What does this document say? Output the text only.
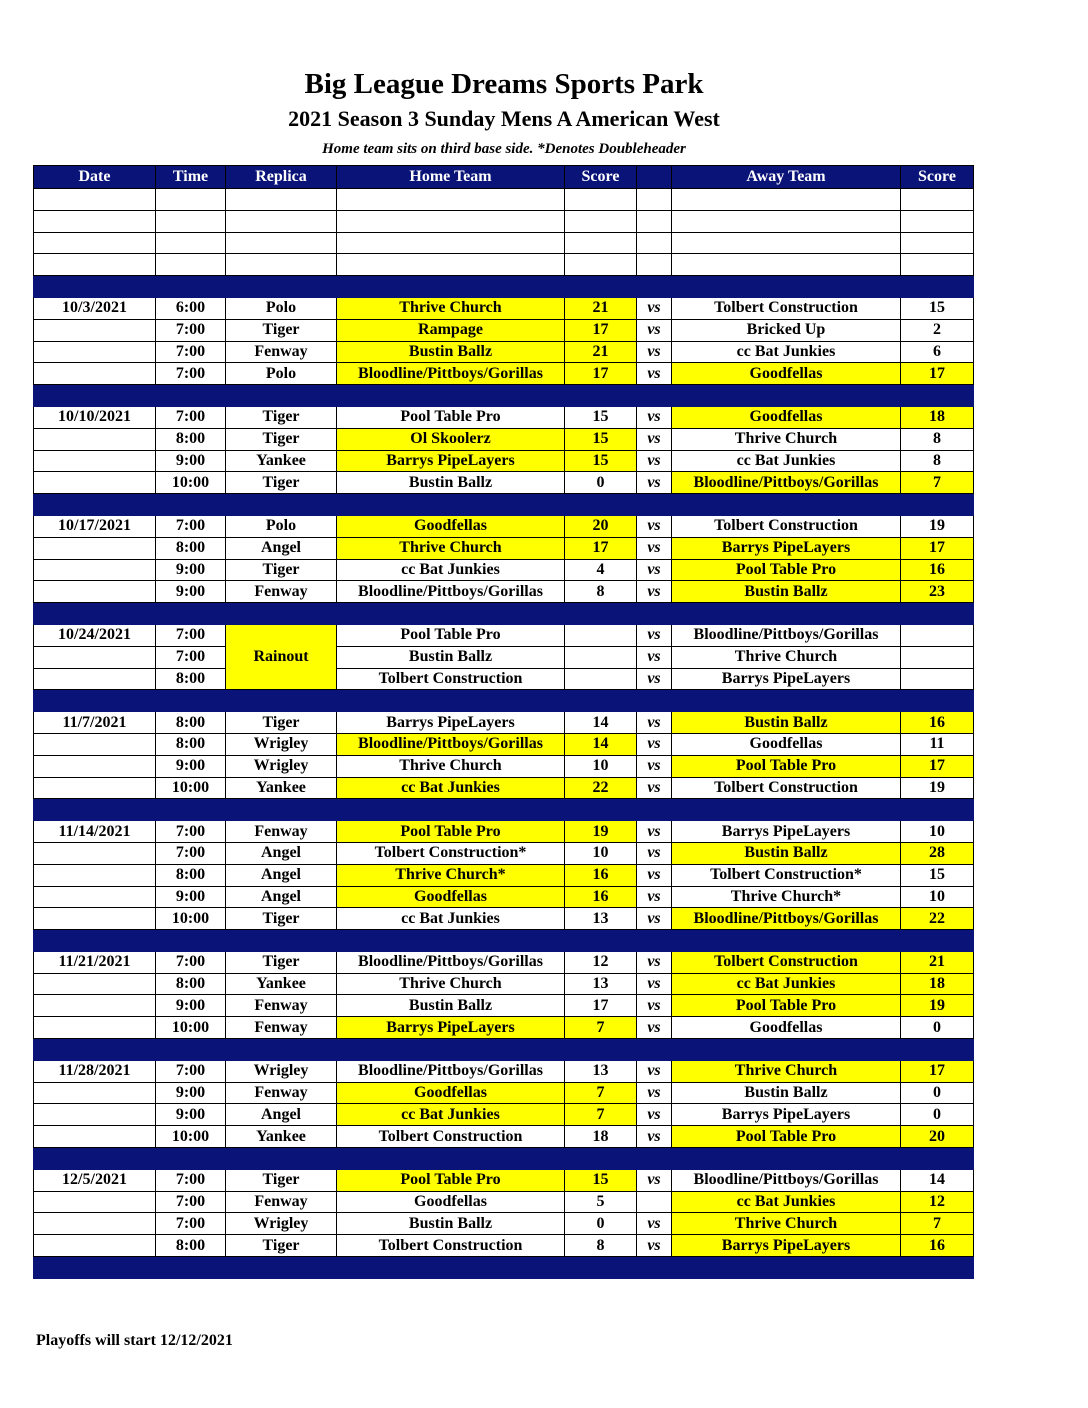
Big League Dreams Sports Park
2021 Season 3 Sunday Mens A American West
Home team sits on third base side. *Denotes Doubleheader
Date	Time	Replica	Home Team	Score		Away Team	Score

10/3/2021	6:00	Polo	Thrive Church	21	vs	Tolbert Construction	15
	7:00	Tiger	Rampage	17	vs	Bricked Up	2
	7:00	Fenway	Bustin Ballz	21	vs	cc Bat Junkies	6
	7:00	Polo	Bloodline/Pittboys/Gorillas	17	vs	Goodfellas	17

10/10/2021	7:00	Tiger	Pool Table Pro	15	vs	Goodfellas	18
	8:00	Tiger	Ol Skoolerz	15	vs	Thrive Church	8
	9:00	Yankee	Barrys PipeLayers	15	vs	cc Bat Junkies	8
	10:00	Tiger	Bustin Ballz	0	vs	Bloodline/Pittboys/Gorillas	7

10/17/2021	7:00	Polo	Goodfellas	20	vs	Tolbert Construction	19
	8:00	Angel	Thrive Church	17	vs	Barrys PipeLayers	17
	9:00	Tiger	cc Bat Junkies	4	vs	Pool Table Pro	16
	9:00	Fenway	Bloodline/Pittboys/Gorillas	8	vs	Bustin Ballz	23

10/24/2021	7:00	Rainout	Pool Table Pro		vs	Bloodline/Pittboys/Gorillas	
	7:00		Bustin Ballz		vs	Thrive Church	
	8:00		Tolbert Construction		vs	Barrys PipeLayers	

11/7/2021	8:00	Tiger	Barrys PipeLayers	14	vs	Bustin Ballz	16
	8:00	Wrigley	Bloodline/Pittboys/Gorillas	14	vs	Goodfellas	11
	9:00	Wrigley	Thrive Church	10	vs	Pool Table Pro	17
	10:00	Yankee	cc Bat Junkies	22	vs	Tolbert Construction	19

11/14/2021	7:00	Fenway	Pool Table Pro	19	vs	Barrys PipeLayers	10
	7:00	Angel	Tolbert Construction*	10	vs	Bustin Ballz	28
	8:00	Angel	Thrive Church*	16	vs	Tolbert Construction*	15
	9:00	Angel	Goodfellas	16	vs	Thrive Church*	10
	10:00	Tiger	cc Bat Junkies	13	vs	Bloodline/Pittboys/Gorillas	22

11/21/2021	7:00	Tiger	Bloodline/Pittboys/Gorillas	12	vs	Tolbert Construction	21
	8:00	Yankee	Thrive Church	13	vs	cc Bat Junkies	18
	9:00	Fenway	Bustin Ballz	17	vs	Pool Table Pro	19
	10:00	Fenway	Barrys PipeLayers	7	vs	Goodfellas	0

11/28/2021	7:00	Wrigley	Bloodline/Pittboys/Gorillas	13	vs	Thrive Church	17
	9:00	Fenway	Goodfellas	7	vs	Bustin Ballz	0
	9:00	Angel	cc Bat Junkies	7	vs	Barrys PipeLayers	0
	10:00	Yankee	Tolbert Construction	18	vs	Pool Table Pro	20

12/5/2021	7:00	Tiger	Pool Table Pro	15	vs	Bloodline/Pittboys/Gorillas	14
	7:00	Fenway	Goodfellas	5		cc Bat Junkies	12
	7:00	Wrigley	Bustin Ballz	0	vs	Thrive Church	7
	8:00	Tiger	Tolbert Construction	8	vs	Barrys PipeLayers	16

Playoffs will start 12/12/2021
